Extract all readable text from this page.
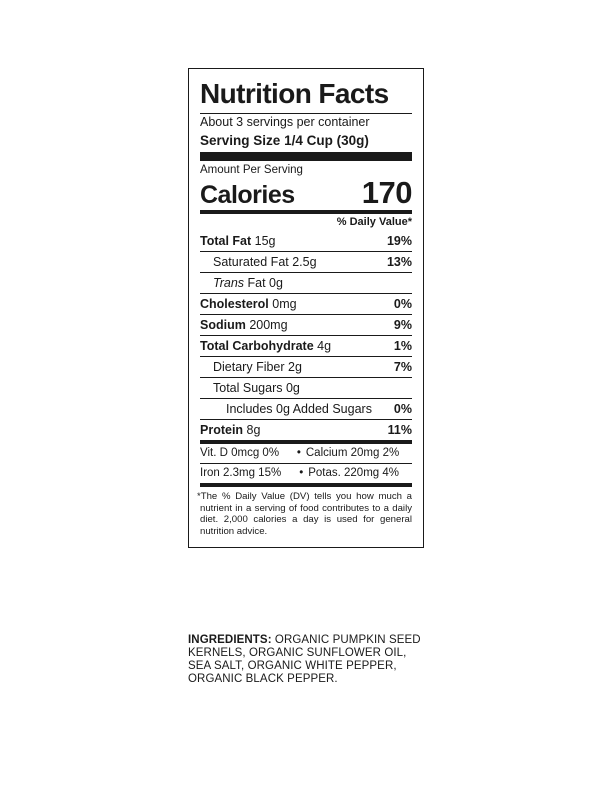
Nutrition Facts
About 3 servings per container
Serving Size 1/4 Cup (30g)
Amount Per Serving
Calories 170
% Daily Value*
Total Fat 15g	19%
Saturated Fat 2.5g	13%
Trans Fat 0g
Cholesterol 0mg	0%
Sodium 200mg	9%
Total Carbohydrate 4g	1%
Dietary Fiber 2g	7%
Total Sugars 0g
Includes 0g Added Sugars 0%
Protein 8g	11%
Vit. D 0mcg 0%	• Calcium 20mg 2%
Iron 2.3mg 15%	• Potas. 220mg 4%
*The % Daily Value (DV) tells you how much a nutrient in a serving of food contributes to a daily diet. 2,000 calories a day is used for general nutrition advice.
INGREDIENTS: ORGANIC PUMPKIN SEED KERNELS, ORGANIC SUNFLOWER OIL, SEA SALT, ORGANIC WHITE PEPPER, ORGANIC BLACK PEPPER.
